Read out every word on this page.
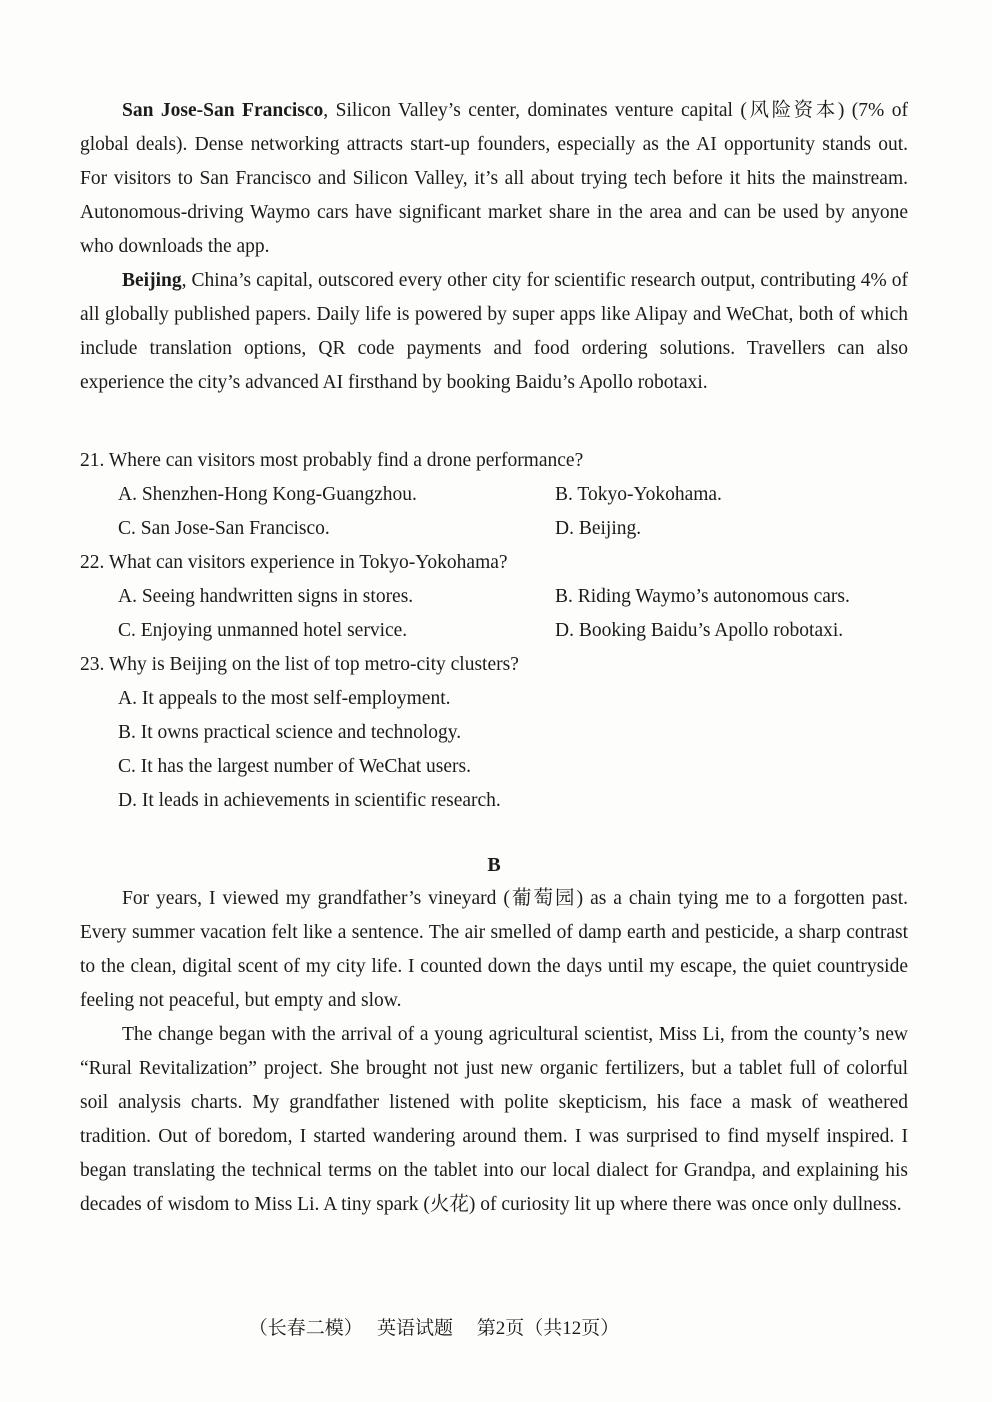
San Jose-San Francisco, Silicon Valley’s center, dominates venture capital (风险资本) (7% of global deals). Dense networking attracts start-up founders, especially as the AI opportunity stands out. For visitors to San Francisco and Silicon Valley, it’s all about trying tech before it hits the mainstream. Autonomous-driving Waymo cars have significant market share in the area and can be used by anyone who downloads the app.

Beijing, China’s capital, outscored every other city for scientific research output, contributing 4% of all globally published papers. Daily life is powered by super apps like Alipay and WeChat, both of which include translation options, QR code payments and food ordering solutions. Travellers can also experience the city’s advanced AI firsthand by booking Baidu’s Apollo robotaxi.

21. Where can visitors most probably find a drone performance?

A. Shenzhen-Hong Kong-Guangzhou.	B. Tokyo-Yokohama.
C. San Jose-San Francisco.	D. Beijing.

22. What can visitors experience in Tokyo-Yokohama?

A. Seeing handwritten signs in stores.	B. Riding Waymo’s autonomous cars.
C. Enjoying unmanned hotel service.	D. Booking Baidu’s Apollo robotaxi.

23. Why is Beijing on the list of top metro-city clusters?

A. It appeals to the most self-employment.
B. It owns practical science and technology.
C. It has the largest number of WeChat users.
D. It leads in achievements in scientific research.
B

For years, I viewed my grandfather’s vineyard (葡萄园) as a chain tying me to a forgotten past. Every summer vacation felt like a sentence. The air smelled of damp earth and pesticide, a sharp contrast to the clean, digital scent of my city life. I counted down the days until my escape, the quiet countryside feeling not peaceful, but empty and slow.

The change began with the arrival of a young agricultural scientist, Miss Li, from the county’s new “Rural Revitalization” project. She brought not just new organic fertilizers, but a tablet full of colorful soil analysis charts. My grandfather listened with polite skepticism, his face a mask of weathered tradition. Out of boredom, I started wandering around them. I was surprised to find myself inspired. I began translating the technical terms on the tablet into our local dialect for Grandpa, and explaining his decades of wisdom to Miss Li. A tiny spark (火花) of curiosity lit up where there was once only dullness.

（长春二模）　 英语试题 　第2页（共12页）
